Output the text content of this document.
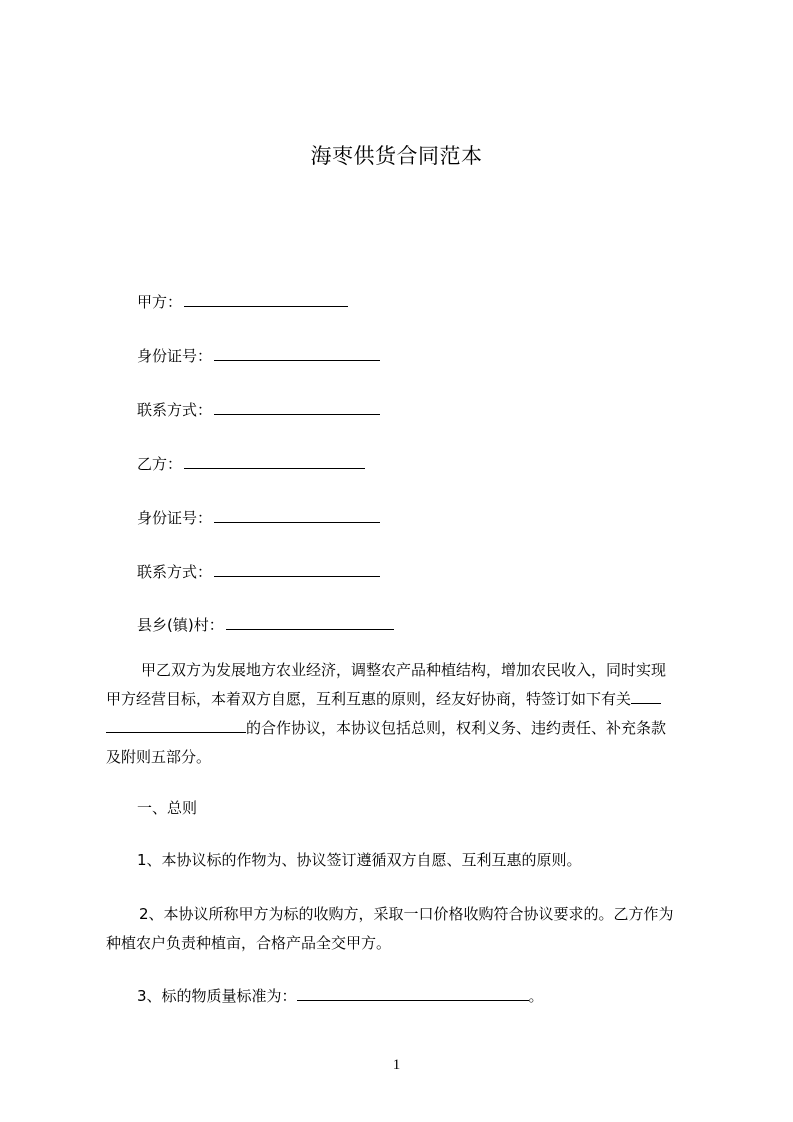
海枣供货合同范本
甲方：
身份证号：
联系方式：
乙方：
身份证号：
联系方式：
县乡(镇)村：
甲乙双方为发展地方农业经济，调整农产品种植结构，增加农民收入，同时实现
甲方经营目标，本着双方自愿，互利互惠的原则，经友好协商，特签订如下有关
的合作协议，本协议包括总则，权利义务、违约责任、补充条款
及附则五部分。
一、总则
1、本协议标的作物为、协议签订遵循双方自愿、互利互惠的原则。
2、本协议所称甲方为标的收购方，采取一口价格收购符合协议要求的。乙方作为
种植农户负责种植亩，合格产品全交甲方。
3、标的物质量标准为：	。
1
